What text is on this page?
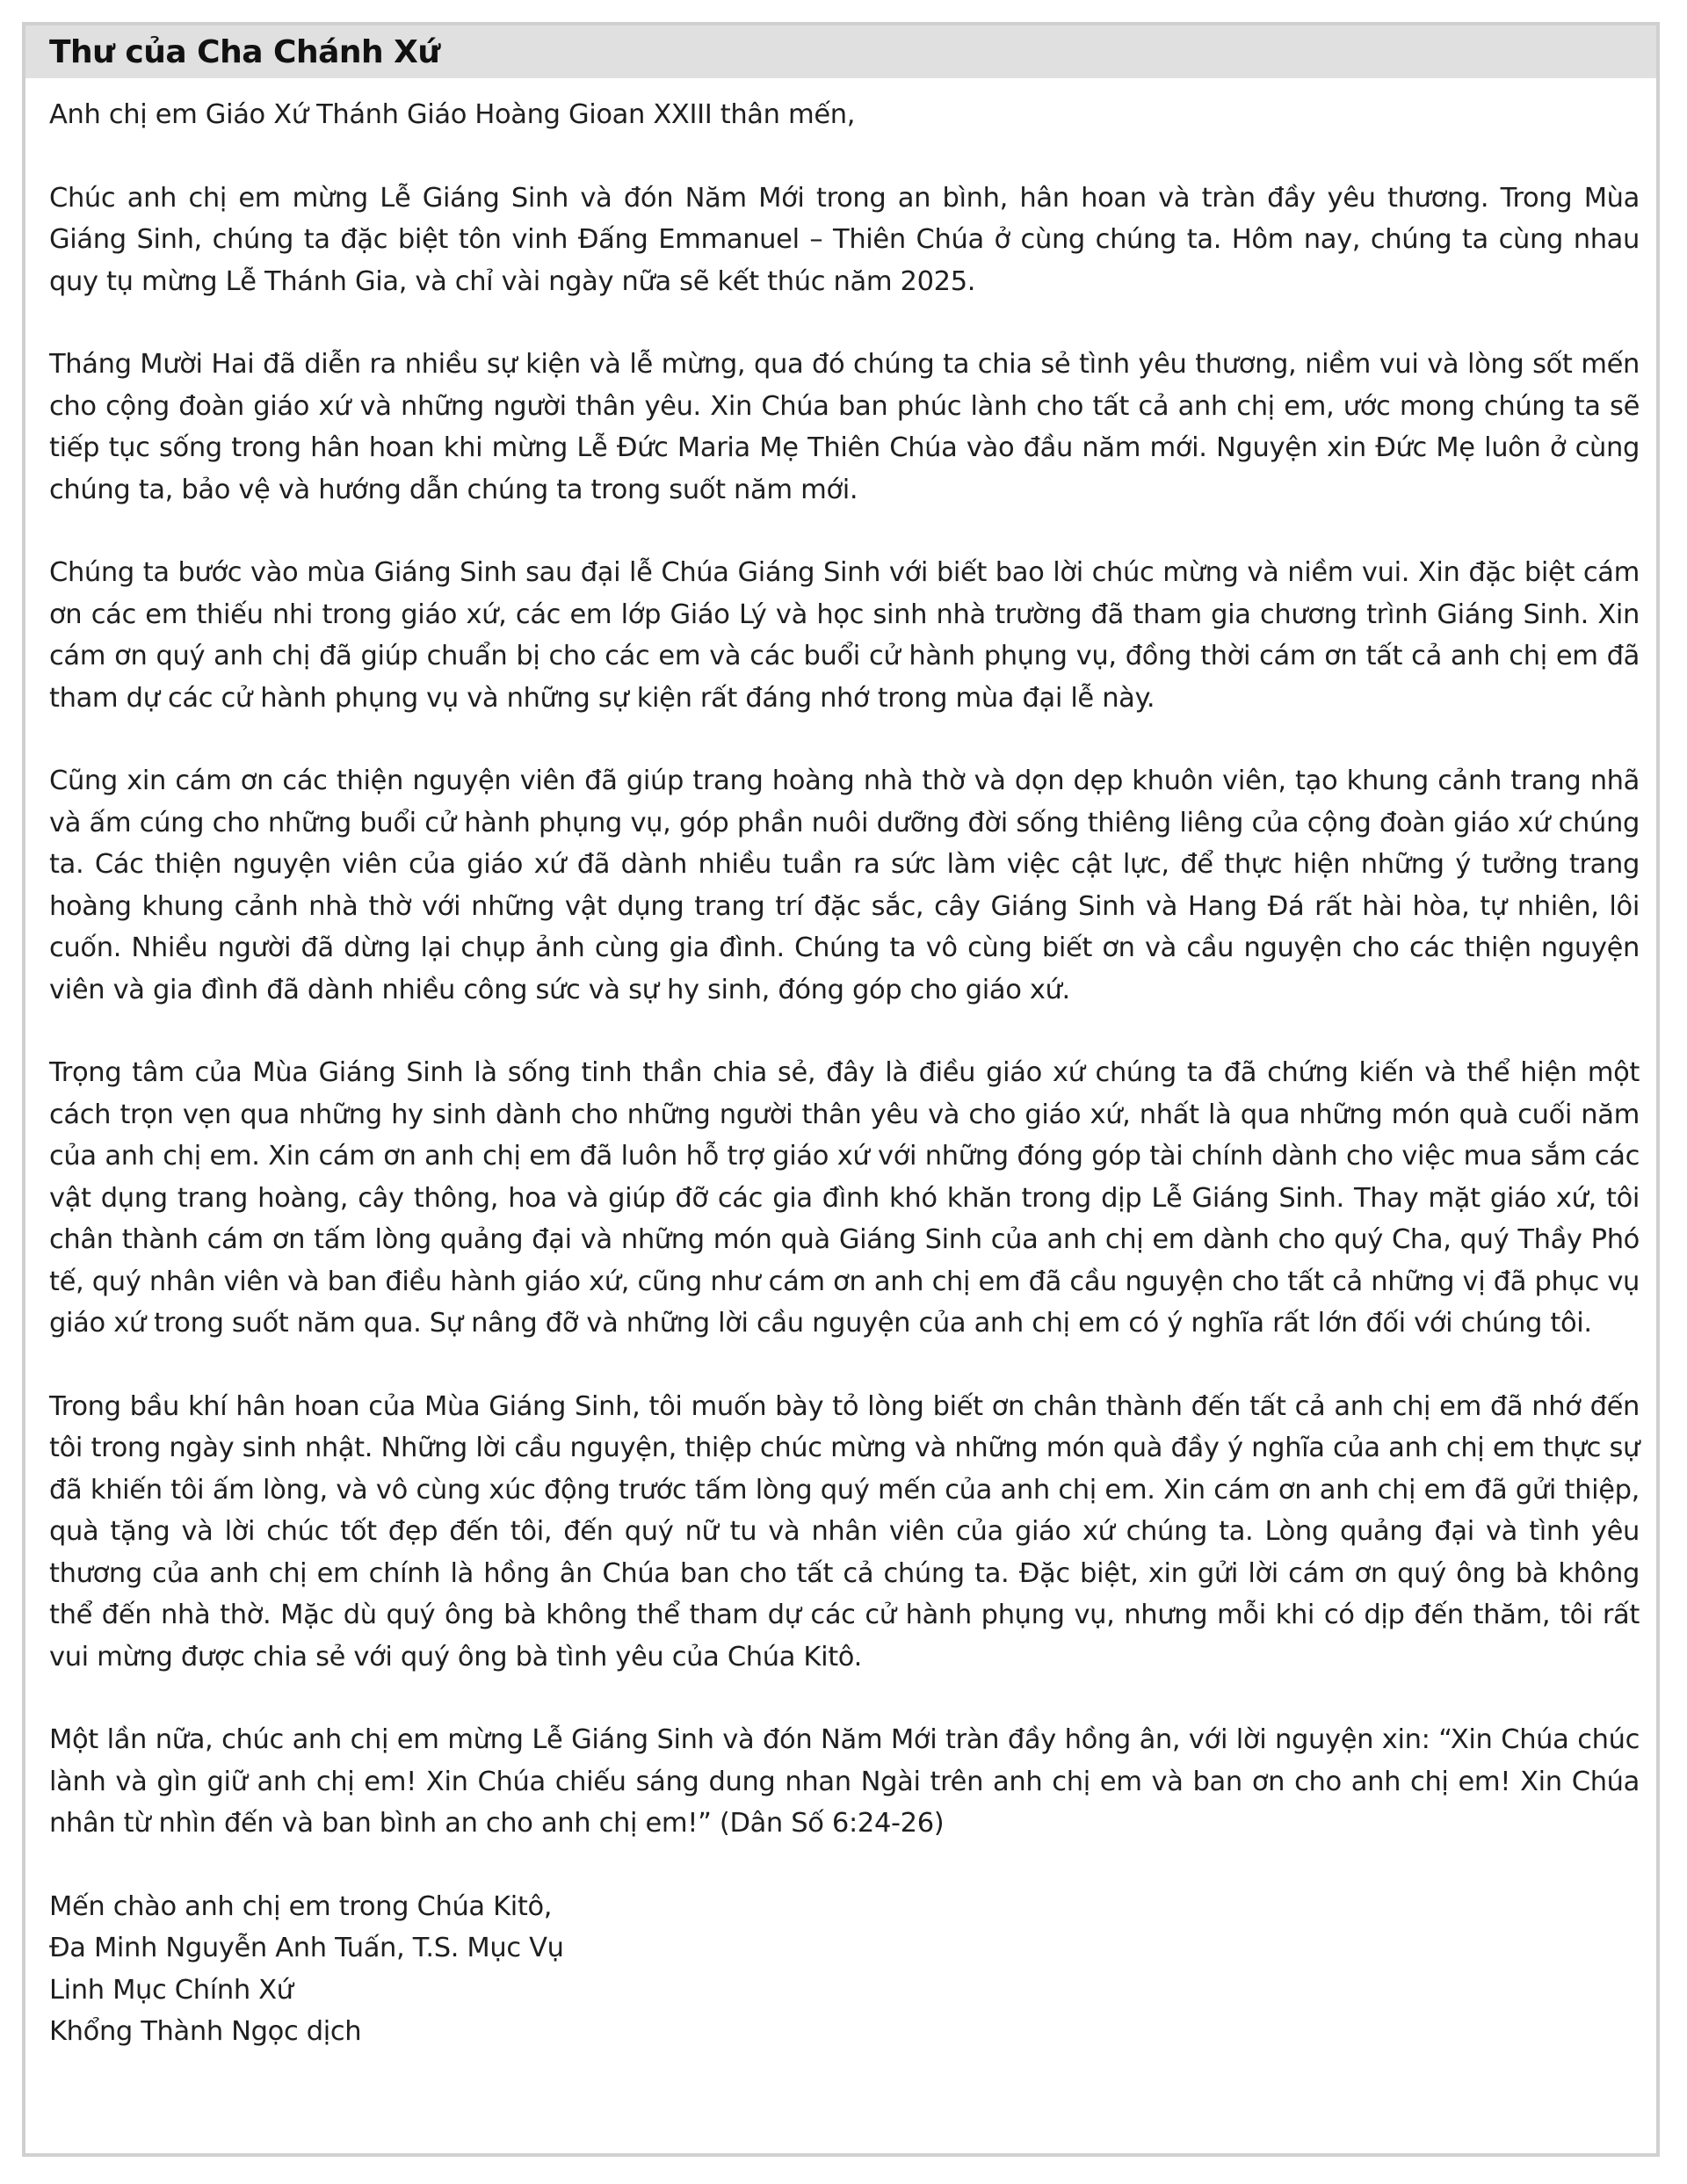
Thư của Cha Chánh Xứ

Anh chị em Giáo Xứ Thánh Giáo Hoàng Gioan XXIII thân mến,

Chúc anh chị em mừng Lễ Giáng Sinh và đón Năm Mới trong an bình, hân hoan và tràn đầy yêu thương. Trong Mùa Giáng Sinh, chúng ta đặc biệt tôn vinh Đấng Emmanuel – Thiên Chúa ở cùng chúng ta. Hôm nay, chúng ta cùng nhau quy tụ mừng Lễ Thánh Gia, và chỉ vài ngày nữa sẽ kết thúc năm 2025.

Tháng Mười Hai đã diễn ra nhiều sự kiện và lễ mừng, qua đó chúng ta chia sẻ tình yêu thương, niềm vui và lòng sốt mến cho cộng đoàn giáo xứ và những người thân yêu. Xin Chúa ban phúc lành cho tất cả anh chị em, ước mong chúng ta sẽ tiếp tục sống trong hân hoan khi mừng Lễ Đức Maria Mẹ Thiên Chúa vào đầu năm mới. Nguyện xin Đức Mẹ luôn ở cùng chúng ta, bảo vệ và hướng dẫn chúng ta trong suốt năm mới.

Chúng ta bước vào mùa Giáng Sinh sau đại lễ Chúa Giáng Sinh với biết bao lời chúc mừng và niềm vui. Xin đặc biệt cám ơn các em thiếu nhi trong giáo xứ, các em lớp Giáo Lý và học sinh nhà trường đã tham gia chương trình Giáng Sinh. Xin cám ơn quý anh chị đã giúp chuẩn bị cho các em và các buổi cử hành phụng vụ, đồng thời cám ơn tất cả anh chị em đã tham dự các cử hành phụng vụ và những sự kiện rất đáng nhớ trong mùa đại lễ này.

Cũng xin cám ơn các thiện nguyện viên đã giúp trang hoàng nhà thờ và dọn dẹp khuôn viên, tạo khung cảnh trang nhã và ấm cúng cho những buổi cử hành phụng vụ, góp phần nuôi dưỡng đời sống thiêng liêng của cộng đoàn giáo xứ chúng ta. Các thiện nguyện viên của giáo xứ đã dành nhiều tuần ra sức làm việc cật lực, để thực hiện những ý tưởng trang hoàng khung cảnh nhà thờ với những vật dụng trang trí đặc sắc, cây Giáng Sinh và Hang Đá rất hài hòa, tự nhiên, lôi cuốn. Nhiều người đã dừng lại chụp ảnh cùng gia đình. Chúng ta vô cùng biết ơn và cầu nguyện cho các thiện nguyện viên và gia đình đã dành nhiều công sức và sự hy sinh, đóng góp cho giáo xứ.

Trọng tâm của Mùa Giáng Sinh là sống tinh thần chia sẻ, đây là điều giáo xứ chúng ta đã chứng kiến và thể hiện một cách trọn vẹn qua những hy sinh dành cho những người thân yêu và cho giáo xứ, nhất là qua những món quà cuối năm của anh chị em. Xin cám ơn anh chị em đã luôn hỗ trợ giáo xứ với những đóng góp tài chính dành cho việc mua sắm các vật dụng trang hoàng, cây thông, hoa và giúp đỡ các gia đình khó khăn trong dịp Lễ Giáng Sinh. Thay mặt giáo xứ, tôi chân thành cám ơn tấm lòng quảng đại và những món quà Giáng Sinh của anh chị em dành cho quý Cha, quý Thầy Phó tế, quý nhân viên và ban điều hành giáo xứ, cũng như cám ơn anh chị em đã cầu nguyện cho tất cả những vị đã phục vụ giáo xứ trong suốt năm qua. Sự nâng đỡ và những lời cầu nguyện của anh chị em có ý nghĩa rất lớn đối với chúng tôi.

Trong bầu khí hân hoan của Mùa Giáng Sinh, tôi muốn bày tỏ lòng biết ơn chân thành đến tất cả anh chị em đã nhớ đến tôi trong ngày sinh nhật. Những lời cầu nguyện, thiệp chúc mừng và những món quà đầy ý nghĩa của anh chị em thực sự đã khiến tôi ấm lòng, và vô cùng xúc động trước tấm lòng quý mến của anh chị em. Xin cám ơn anh chị em đã gửi thiệp, quà tặng và lời chúc tốt đẹp đến tôi, đến quý nữ tu và nhân viên của giáo xứ chúng ta. Lòng quảng đại và tình yêu thương của anh chị em chính là hồng ân Chúa ban cho tất cả chúng ta. Đặc biệt, xin gửi lời cám ơn quý ông bà không thể đến nhà thờ. Mặc dù quý ông bà không thể tham dự các cử hành phụng vụ, nhưng mỗi khi có dịp đến thăm, tôi rất vui mừng được chia sẻ với quý ông bà tình yêu của Chúa Kitô.

Một lần nữa, chúc anh chị em mừng Lễ Giáng Sinh và đón Năm Mới tràn đầy hồng ân, với lời nguyện xin: “Xin Chúa chúc lành và gìn giữ anh chị em! Xin Chúa chiếu sáng dung nhan Ngài trên anh chị em và ban ơn cho anh chị em! Xin Chúa nhân từ nhìn đến và ban bình an cho anh chị em!” (Dân Số 6:24-26)

Mến chào anh chị em trong Chúa Kitô,
Đa Minh Nguyễn Anh Tuấn, T.S. Mục Vụ
Linh Mục Chính Xứ
Khổng Thành Ngọc dịch
